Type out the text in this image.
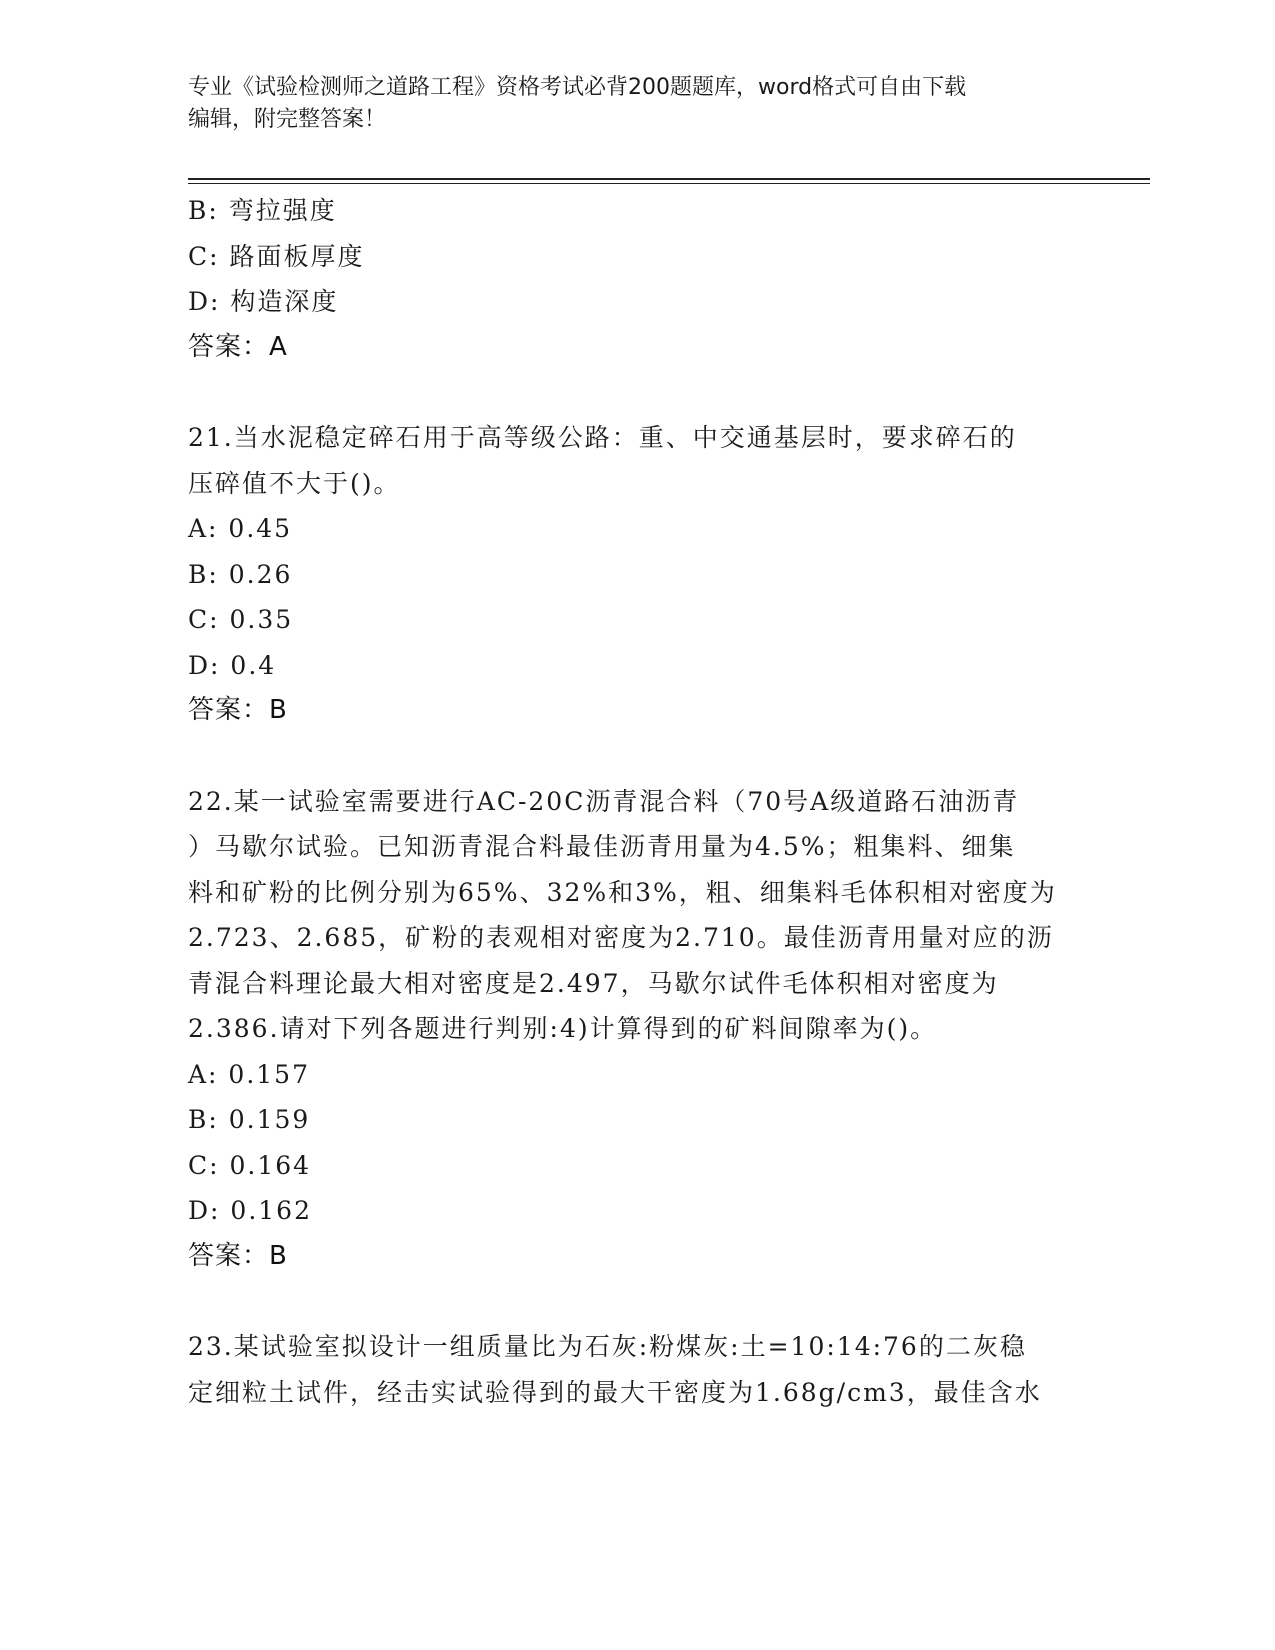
专业《试验检测师之道路工程》资格考试必背200题题库，word格式可自由下载
编辑，附完整答案！
B: 弯拉强度
C: 路面板厚度
D: 构造深度
答案：A
21.当水泥稳定碎石用于高等级公路：重、中交通基层时，要求碎石的
压碎值不大于()。
A: 0.45
B: 0.26
C: 0.35
D: 0.4
答案：B
22.某一试验室需要进行AC-20C沥青混合料（70号A级道路石油沥青
）马歇尔试验。已知沥青混合料最佳沥青用量为4.5%；粗集料、细集
料和矿粉的比例分别为65%、32%和3%，粗、细集料毛体积相对密度为
2.723、2.685，矿粉的表观相对密度为2.710。最佳沥青用量对应的沥
青混合料理论最大相对密度是2.497，马歇尔试件毛体积相对密度为
2.386.请对下列各题进行判别:4)计算得到的矿料间隙率为()。
A: 0.157
B: 0.159
C: 0.164
D: 0.162
答案：B
23.某试验室拟设计一组质量比为石灰:粉煤灰:土=10:14:76的二灰稳
定细粒土试件，经击实试验得到的最大干密度为1.68g/cm3，最佳含水
